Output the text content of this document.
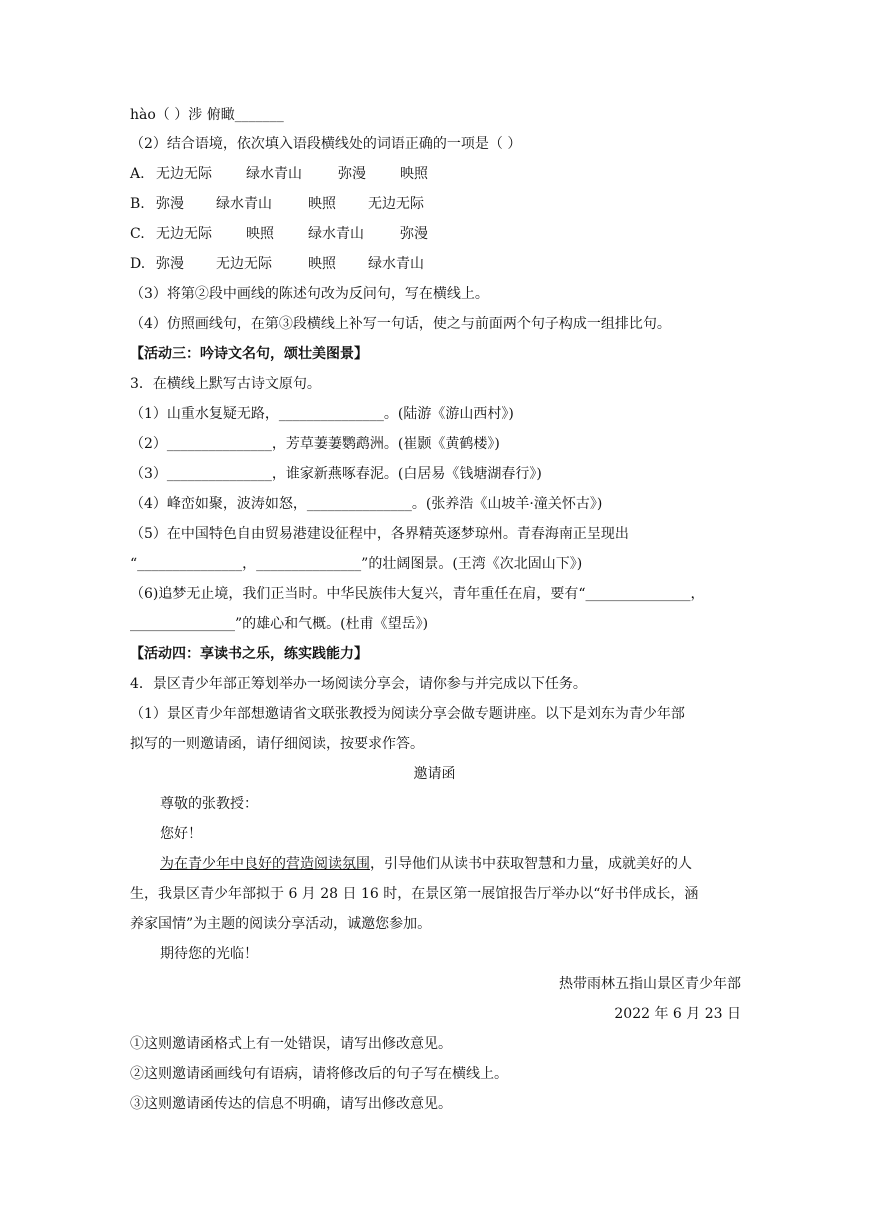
hào（ ）涉 俯瞰_______
（2）结合语境，依次填入语段横线处的词语正确的一项是（ ）
A. 无边无际 绿水青山	弥漫 映照
B. 弥漫 绿水青山	映照 无边无际
C. 无边无际 映照 绿水青山	弥漫
D. 弥漫 无边无际	映照 绿水青山
（3）将第②段中画线的陈述句改为反问句，写在横线上。
（4）仿照画线句，在第③段横线上补写一句话，使之与前面两个句子构成一组排比句。
【活动三：吟诗文名句，颂壮美图景】
3．在横线上默写古诗文原句。
（1）山重水复疑无路，_______________。(陆游《游山西村》)
（2）_______________，芳草萋萋鹦鹉洲。(崔颢《黄鹤楼》)
（3）_______________，谁家新燕啄春泥。(白居易《钱塘湖春行》)
（4）峰峦如聚，波涛如怒，_______________。(张养浩《山坡羊·潼关怀古》)
（5）在中国特色自由贸易港建设征程中，各界精英逐梦琼州。青春海南正呈现出
“_______________，_______________”的壮阔图景。(王湾《次北固山下》)
（6)追梦无止境，我们正当时。中华民族伟大复兴，青年重任在肩，要有“_______________，
_______________”的雄心和气概。(杜甫《望岳》)
【活动四：享读书之乐，练实践能力】
4．景区青少年部正筹划举办一场阅读分享会，请你参与并完成以下任务。
（1）景区青少年部想邀请省文联张教授为阅读分享会做专题讲座。以下是刘东为青少年部
拟写的一则邀请函，请仔细阅读，按要求作答。
邀请函
尊敬的张教授：
您好！
为在青少年中良好的营造阅读氛围，引导他们从读书中获取智慧和力量，成就美好的人
生，我景区青少年部拟于 6 月 28 日 16 时，在景区第一展馆报告厅举办以“好书伴成长，涵
养家国情”为主题的阅读分享活动，诚邀您参加。
期待您的光临！
热带雨林五指山景区青少年部
2022 年 6 月 23 日
①这则邀请函格式上有一处错误，请写出修改意见。
②这则邀请函画线句有语病，请将修改后的句子写在横线上。
③这则邀请函传达的信息不明确，请写出修改意见。
